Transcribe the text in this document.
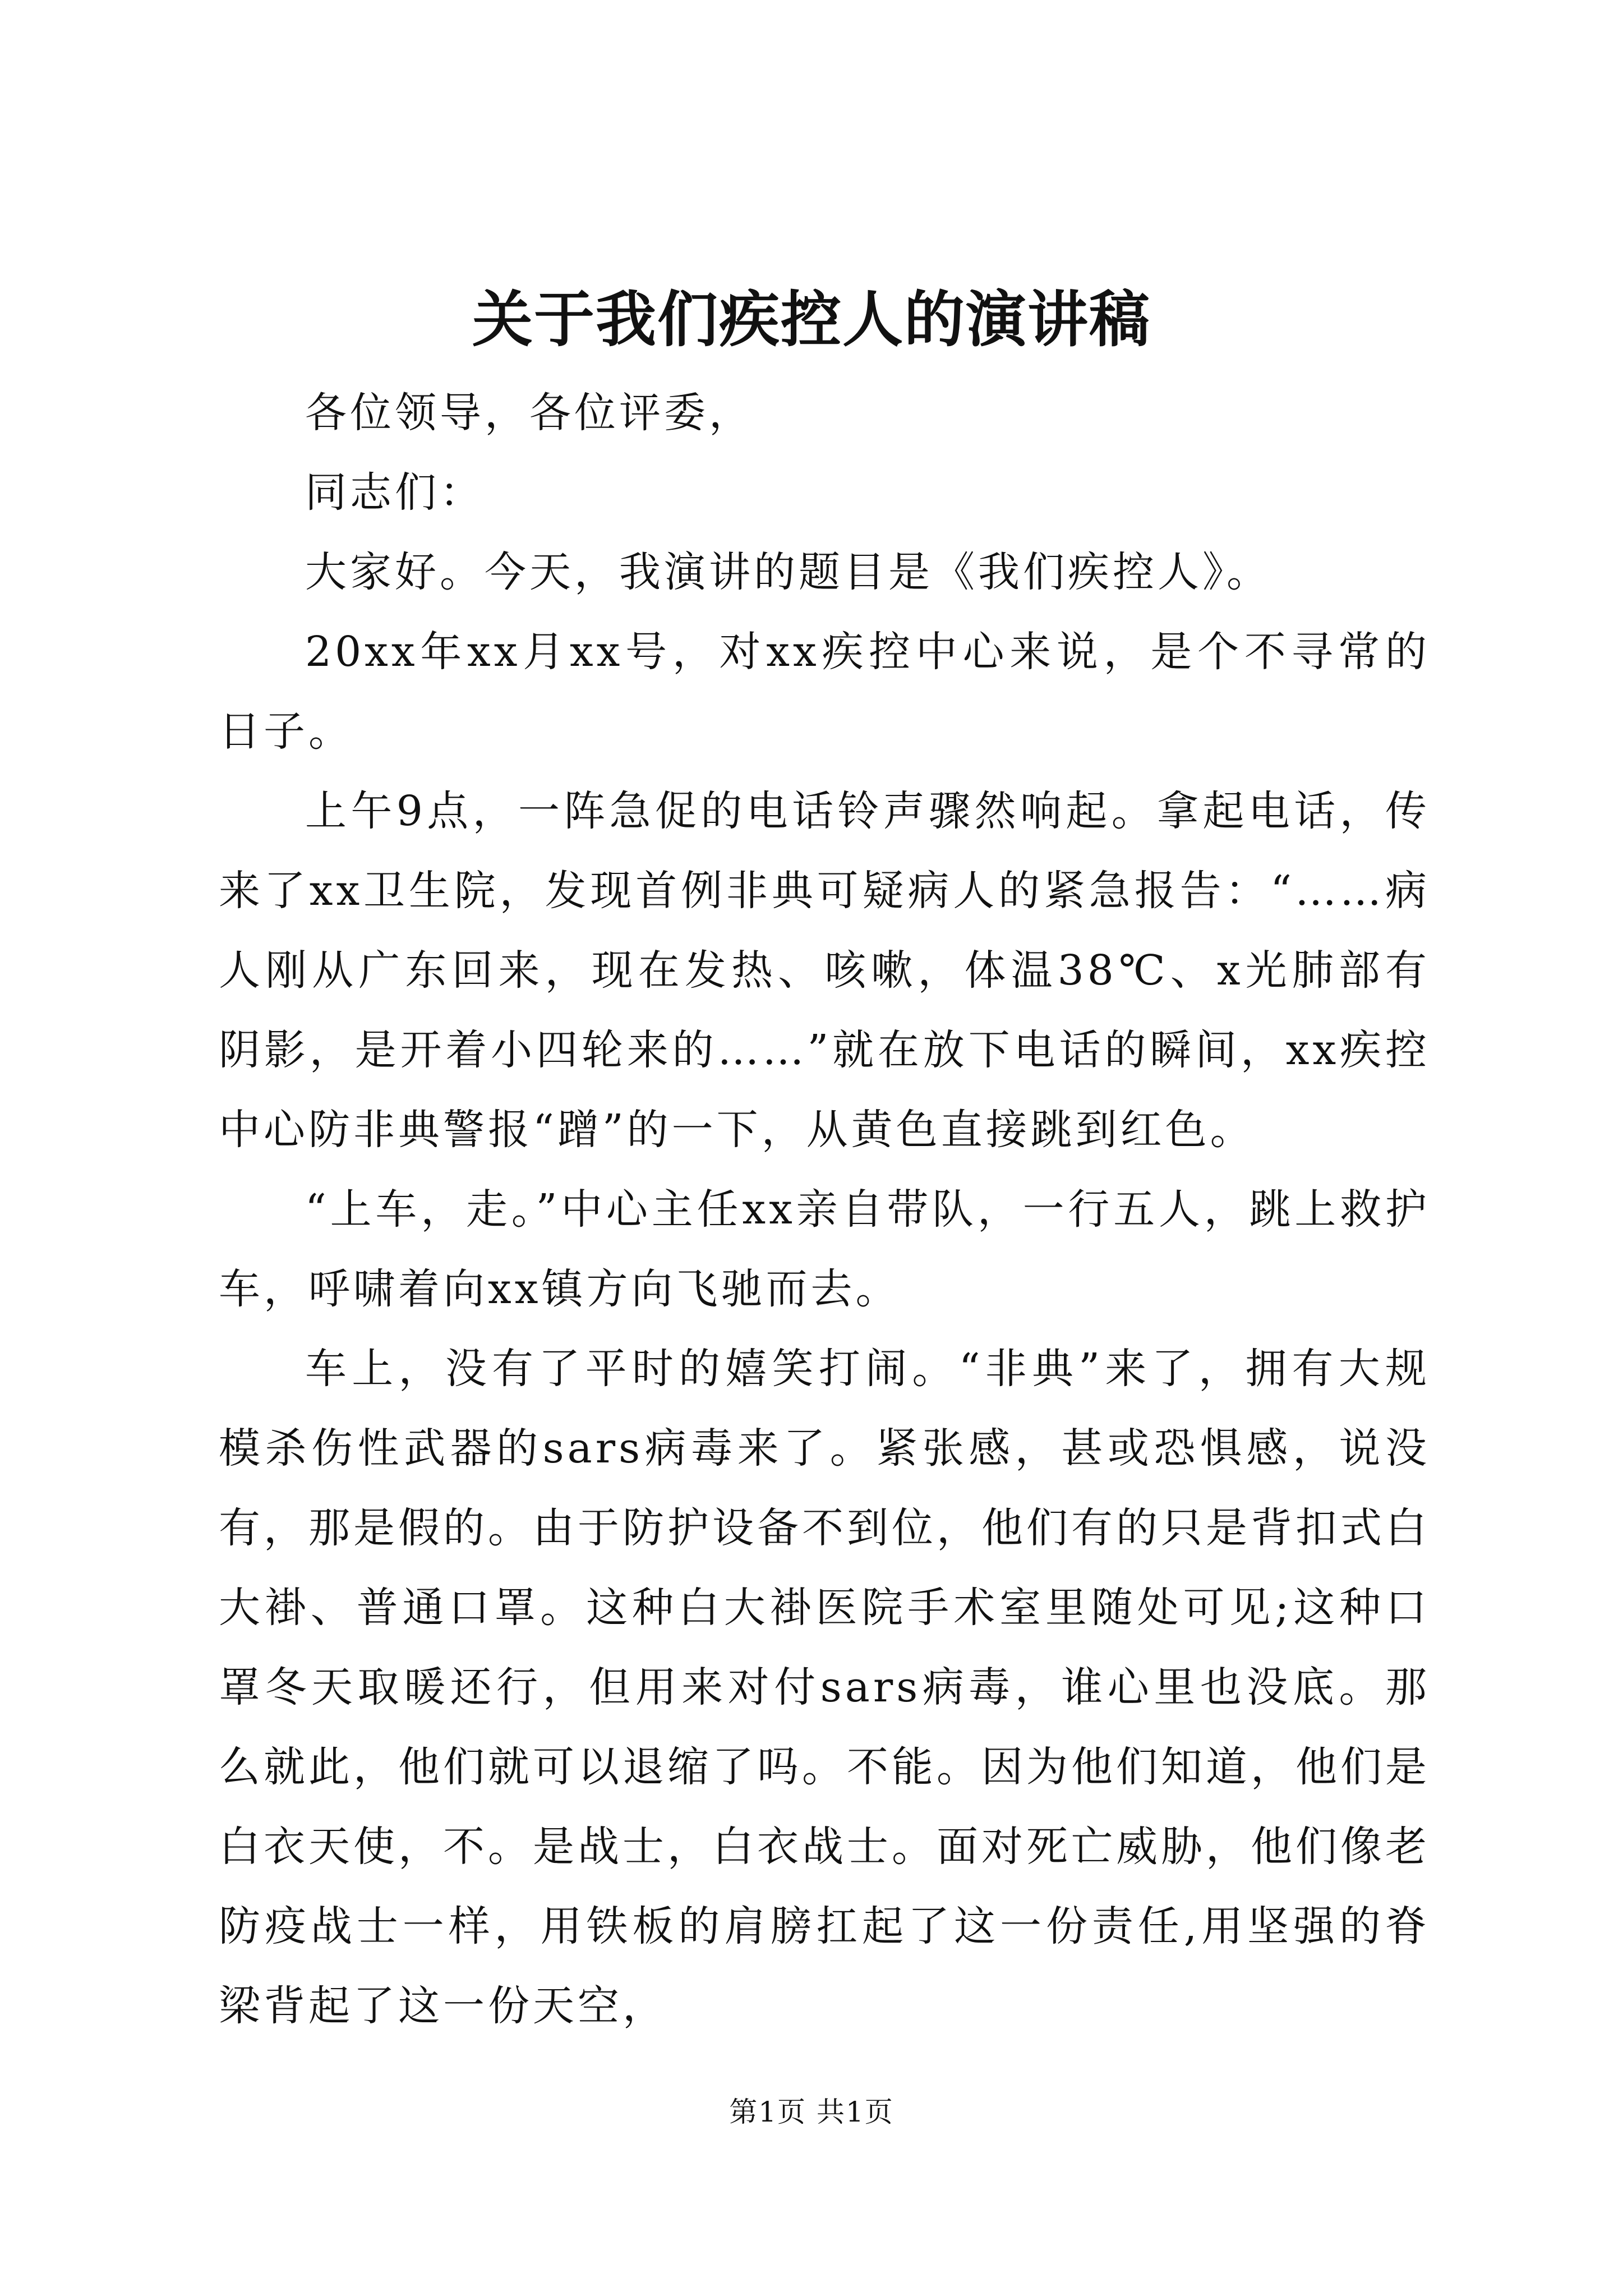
关于我们疾控人的演讲稿

各位领导，各位评委，

同志们：

大家好。今天，我演讲的题目是《我们疾控人》。

20xx年xx月xx号，对xx疾控中心来说，是个不寻常的日子。

上午9点，一阵急促的电话铃声骤然响起。拿起电话，传来了xx卫生院，发现首例非典可疑病人的紧急报告：“……病人刚从广东回来，现在发热、咳嗽，体温38℃、x光肺部有阴影，是开着小四轮来的……”就在放下电话的瞬间，xx疾控中心防非典警报“蹭”的一下，从黄色直接跳到红色。

“上车，走。”中心主任xx亲自带队，一行五人，跳上救护车，呼啸着向xx镇方向飞驰而去。

车上，没有了平时的嬉笑打闹。“非典”来了，拥有大规模杀伤性武器的sars病毒来了。紧张感，甚或恐惧感，说没有，那是假的。由于防护设备不到位，他们有的只是背扣式白大褂、普通口罩。这种白大褂医院手术室里随处可见;这种口罩冬天取暖还行，但用来对付sars病毒，谁心里也没底。那么就此，他们就可以退缩了吗。不能。因为他们知道，他们是白衣天使，不。是战士，白衣战士。面对死亡威胁，他们像老防疫战士一样，用铁板的肩膀扛起了这一份责任,用坚强的脊梁背起了这一份天空，

第1页 共1页
